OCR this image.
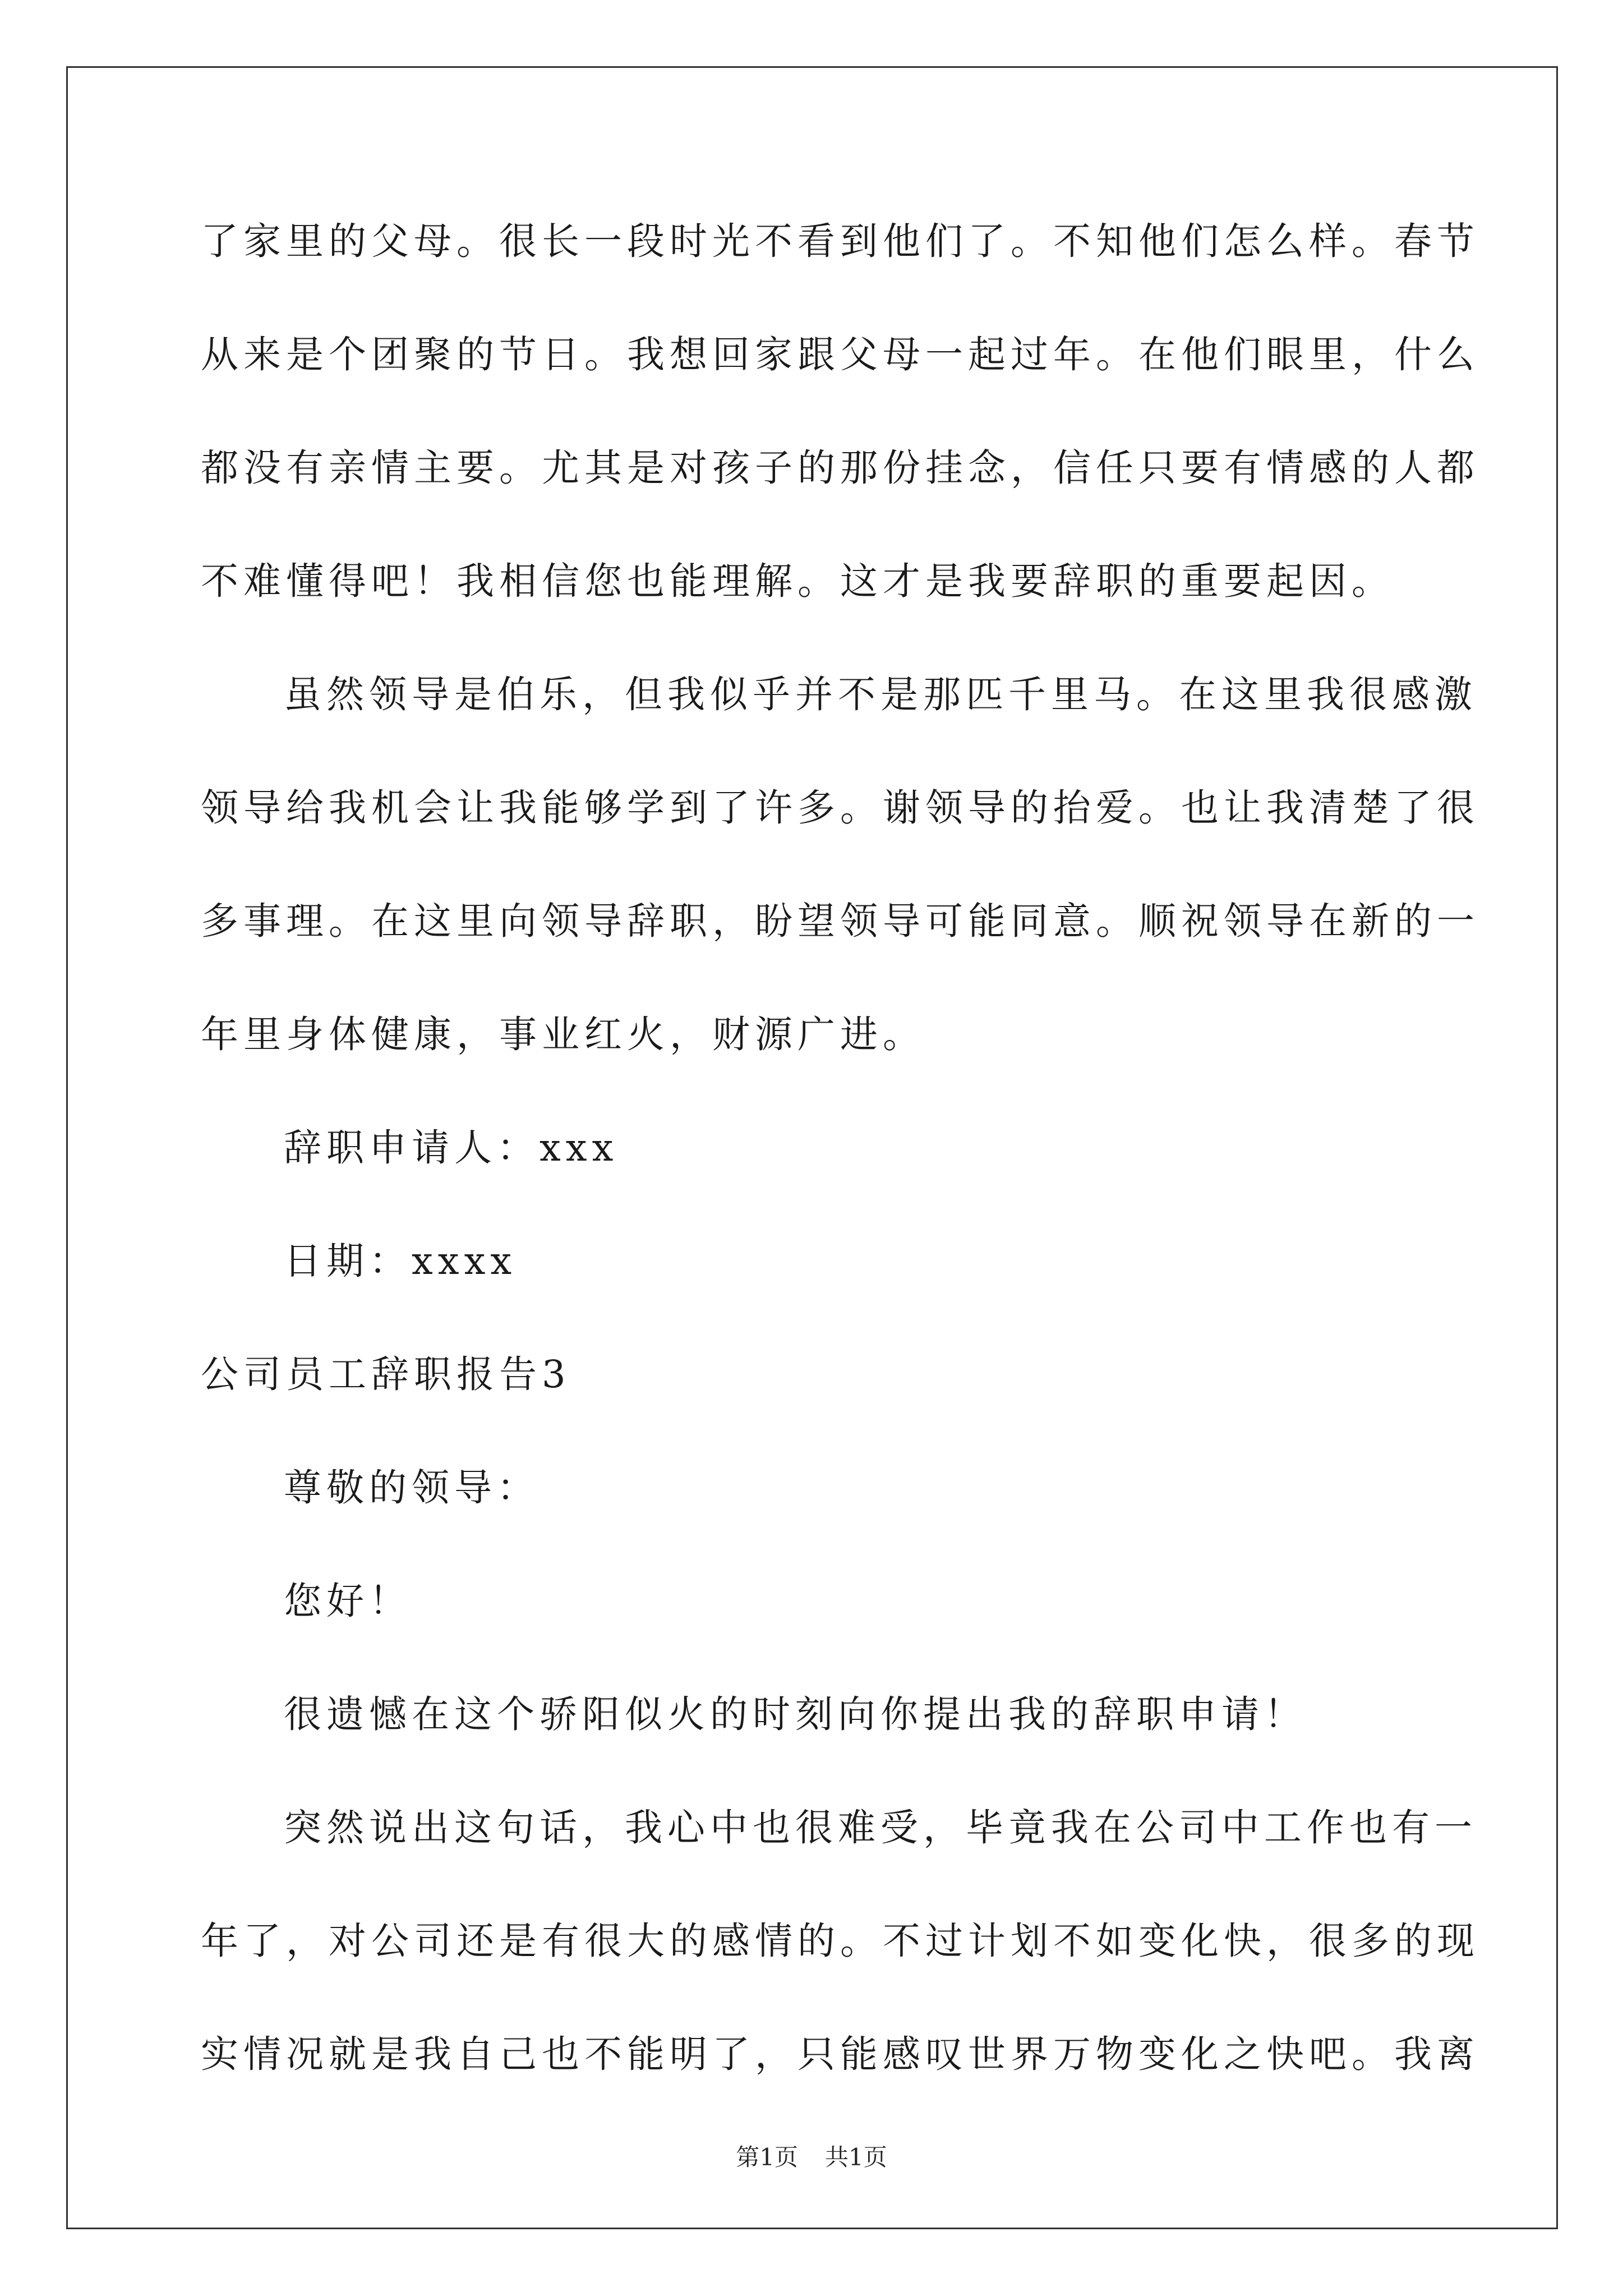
了家里的父母。很长一段时光不看到他们了。不知他们怎么样。春节
从来是个团聚的节日。我想回家跟父母一起过年。在他们眼里，什么
都没有亲情主要。尤其是对孩子的那份挂念，信任只要有情感的人都
不难懂得吧！我相信您也能理解。这才是我要辞职的重要起因。
虽然领导是伯乐，但我似乎并不是那匹千里马。在这里我很感激
领导给我机会让我能够学到了许多。谢领导的抬爱。也让我清楚了很
多事理。在这里向领导辞职，盼望领导可能同意。顺祝领导在新的一
年里身体健康，事业红火，财源广进。
辞职申请人：xxx
日期：xxxx
公司员工辞职报告3
尊敬的领导：
您好！
很遗憾在这个骄阳似火的时刻向你提出我的辞职申请！
突然说出这句话，我心中也很难受，毕竟我在公司中工作也有一
年了，对公司还是有很大的感情的。不过计划不如变化快，很多的现
实情况就是我自己也不能明了，只能感叹世界万物变化之快吧。我离
第1页 共1页
